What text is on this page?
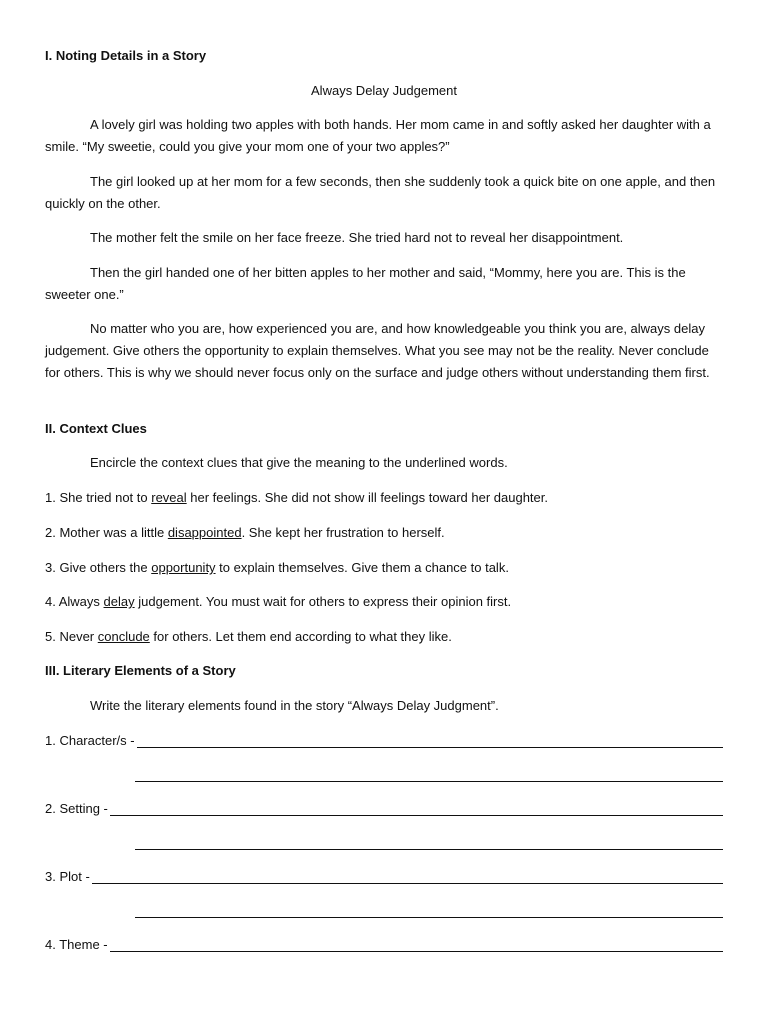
I. Noting Details in a Story
Always Delay Judgement
A lovely girl was holding two apples with both hands. Her mom came in and softly asked her daughter with a smile. “My sweetie, could you give your mom one of your two apples?”
The girl looked up at her mom for a few seconds, then she suddenly took a quick bite on one apple, and then quickly on the other.
The mother felt the smile on her face freeze. She tried hard not to reveal her disappointment.
Then the girl handed one of her bitten apples to her mother and said, “Mommy, here you are. This is the sweeter one.”
No matter who you are, how experienced you are, and how knowledgeable you think you are, always delay judgement. Give others the opportunity to explain themselves. What you see may not be the reality. Never conclude for others. This is why we should never focus only on the surface and judge others without understanding them first.
II. Context Clues
Encircle the context clues that give the meaning to the underlined words.
1. She tried not to reveal her feelings. She did not show ill feelings toward her daughter.
2. Mother was a little disappointed. She kept her frustration to herself.
3. Give others the opportunity to explain themselves. Give them a chance to talk.
4. Always delay judgement. You must wait for others to express their opinion first.
5. Never conclude for others. Let them end according to what they like.
III. Literary Elements of a Story
Write the literary elements found in the story “Always Delay Judgment”.
1. Character/s -
2. Setting -
3. Plot -
4. Theme -
